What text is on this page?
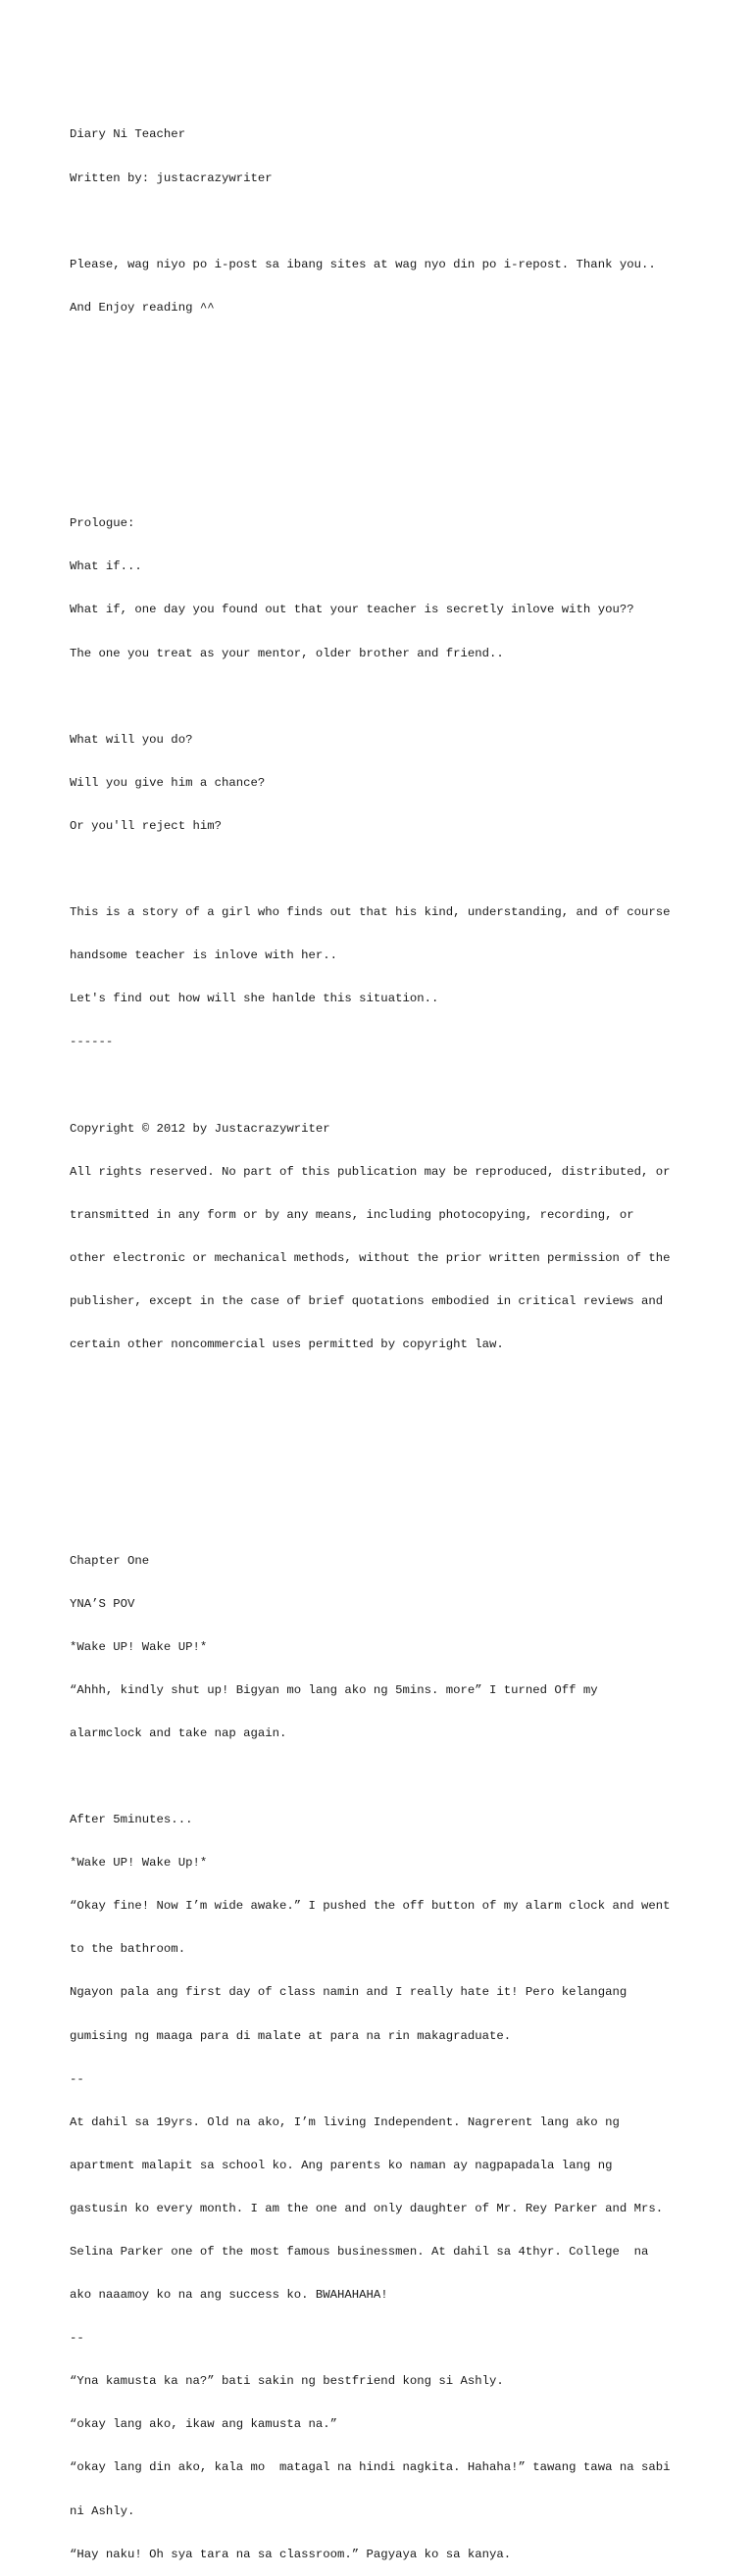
Diary Ni Teacher

Written by: justacrazywriter

Please, wag niyo po i-post sa ibang sites at wag nyo din po i-repost. Thank you..

And Enjoy reading ^^

Prologue:

What if...

What if, one day you found out that your teacher is secretly inlove with you??

The one you treat as your mentor, older brother and friend..

What will you do?

Will you give him a chance?

Or you'll reject him?

This is a story of a girl who finds out that his kind, understanding, and of course

handsome teacher is inlove with her..

Let's find out how will she hanlde this situation..

------

Copyright © 2012 by Justacrazywriter

All rights reserved. No part of this publication may be reproduced, distributed, or

transmitted in any form or by any means, including photocopying, recording, or

other electronic or mechanical methods, without the prior written permission of the

publisher, except in the case of brief quotations embodied in critical reviews and

certain other noncommercial uses permitted by copyright law.

Chapter One

YNA’S POV

*Wake UP! Wake UP!*

“Ahhh, kindly shut up! Bigyan mo lang ako ng 5mins. more” I turned Off my

alarmclock and take nap again.

After 5minutes...

*Wake UP! Wake Up!*

“Okay fine! Now I’m wide awake.” I pushed the off button of my alarm clock and went

to the bathroom.

Ngayon pala ang first day of class namin and I really hate it! Pero kelangang

gumising ng maaga para di malate at para na rin makagraduate.

--

At dahil sa 19yrs. Old na ako, I’m living Independent. Nagrerent lang ako ng

apartment malapit sa school ko. Ang parents ko naman ay nagpapadala lang ng

gastusin ko every month. I am the one and only daughter of Mr. Rey Parker and Mrs.

Selina Parker one of the most famous businessmen. At dahil sa 4thyr. College  na

ako naaamoy ko na ang success ko. BWAHAHAHA!

--

“Yna kamusta ka na?” bati sakin ng bestfriend kong si Ashly.

“okay lang ako, ikaw ang kamusta na.”

“okay lang din ako, kala mo  matagal na hindi nagkita. Hahaha!” tawang tawa na sabi

ni Ashly.

“Hay naku! Oh sya tara na sa classroom.” Pagyaya ko sa kanya.
